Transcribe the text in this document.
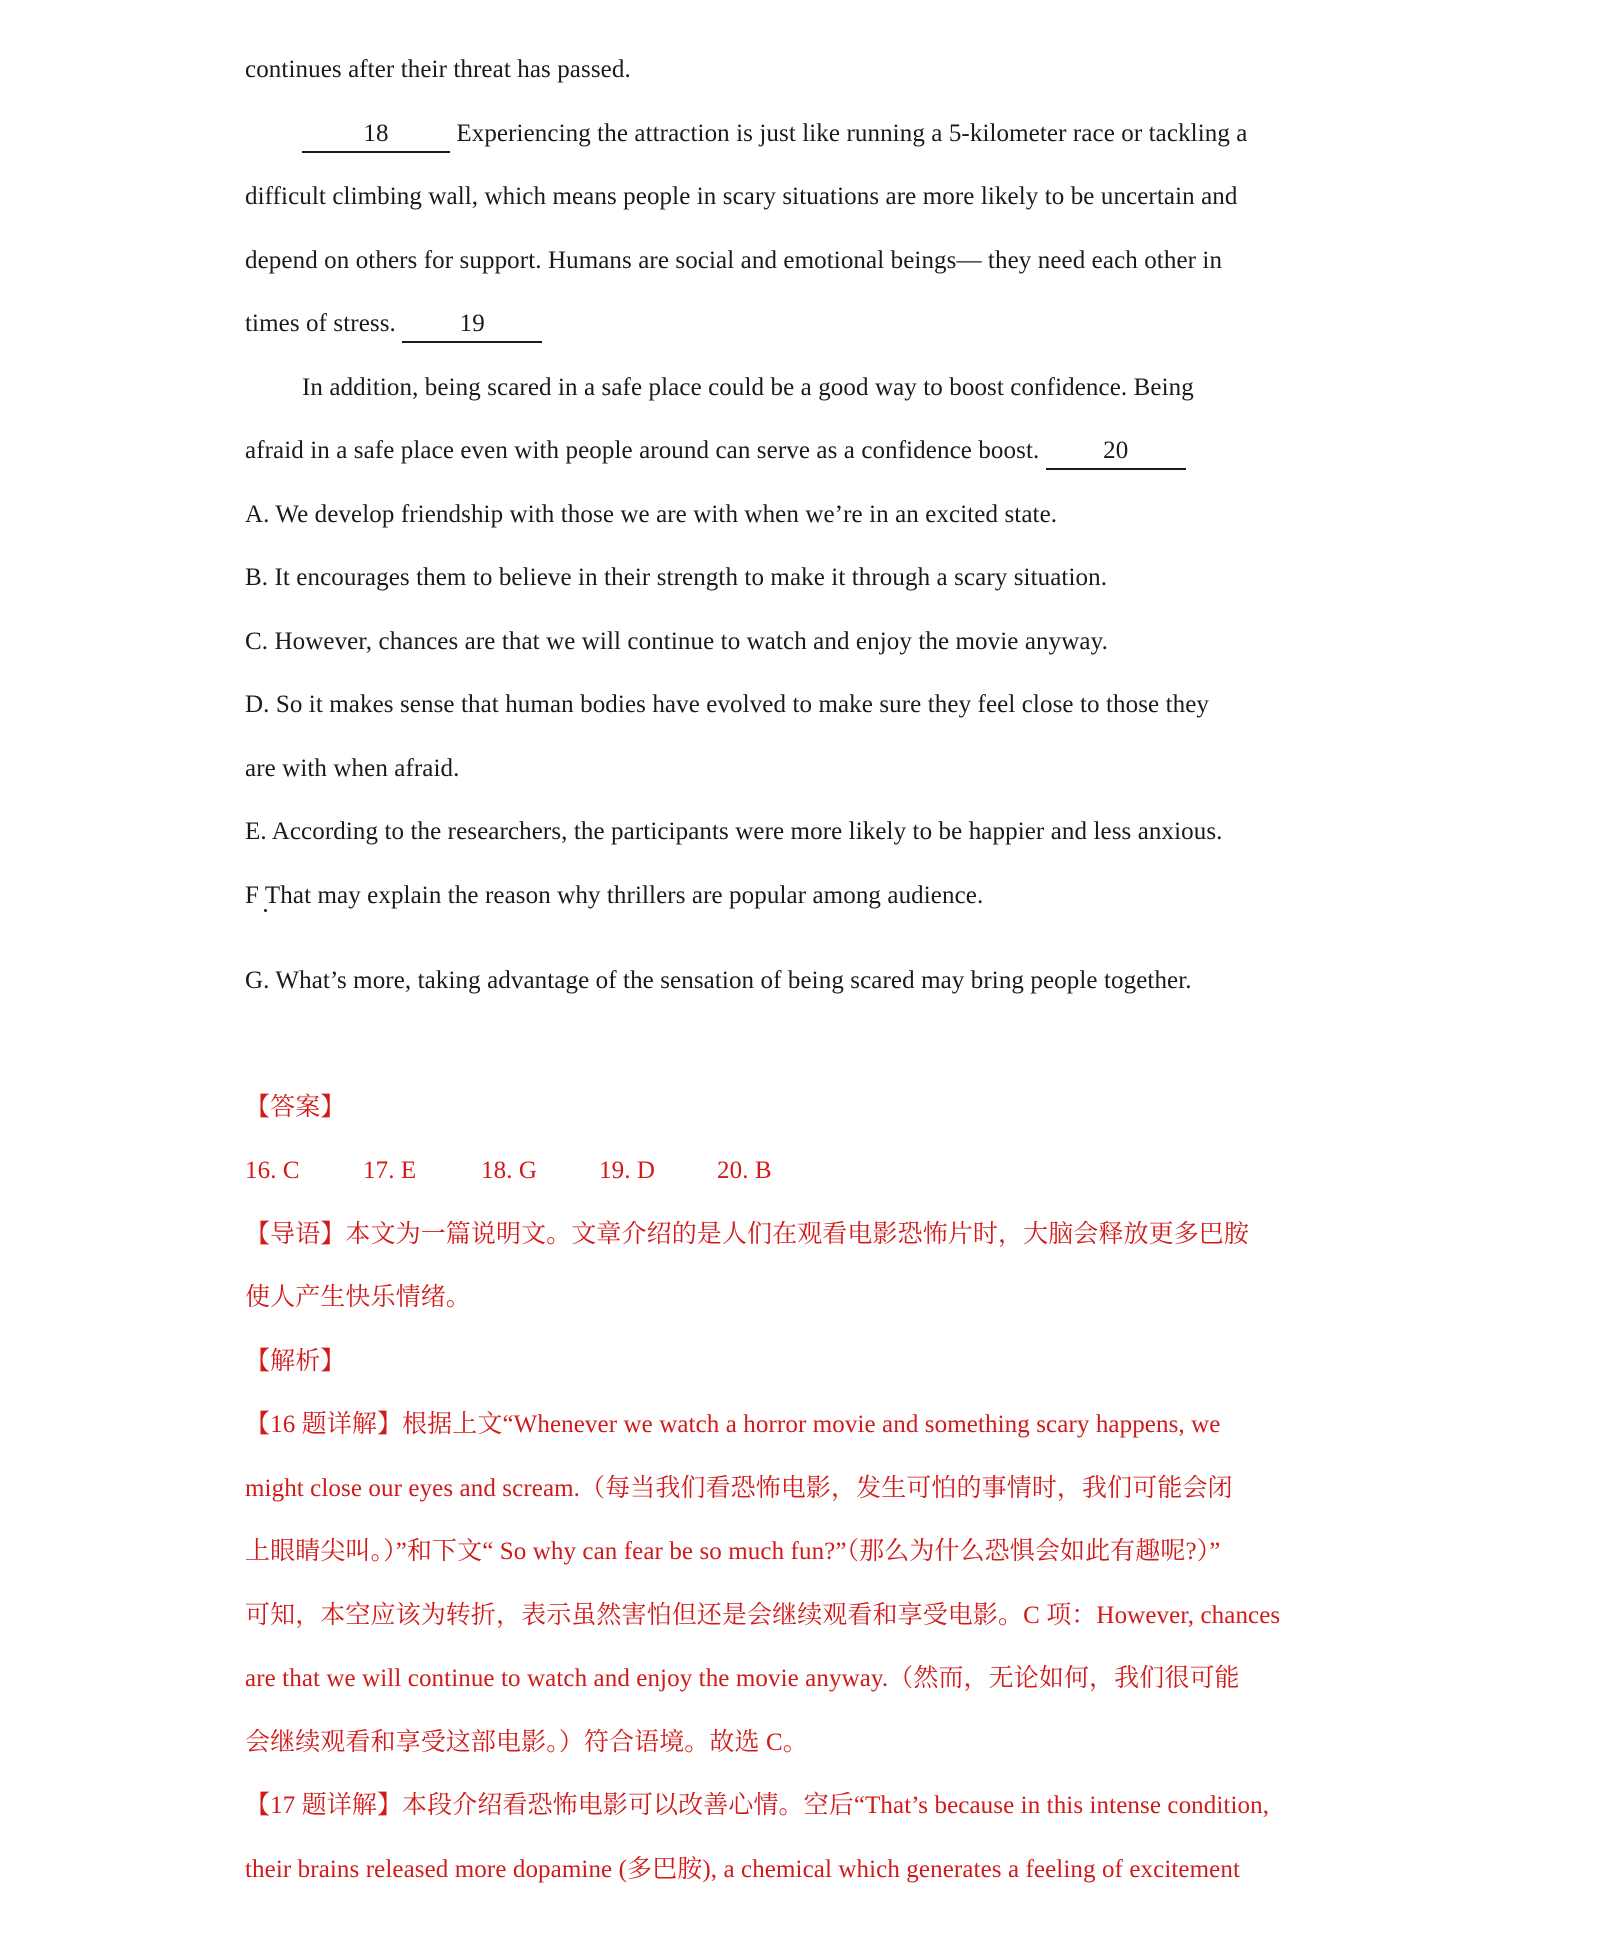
continues after their threat has passed.
18 Experiencing the attraction is just like running a 5-kilometer race or tackling a
difficult climbing wall, which means people in scary situations are more likely to be uncertain and
depend on others for support. Humans are social and emotional beings— they need each other in
times of stress. 19
In addition, being scared in a safe place could be a good way to boost confidence. Being
afraid in a safe place even with people around can serve as a confidence boost. 20
A. We develop friendship with those we are with when we’re in an excited state.
B. It encourages them to believe in their strength to make it through a scary situation.
C. However, chances are that we will continue to watch and enjoy the movie anyway.
D. So it makes sense that human bodies have evolved to make sure they feel close to those they
are with when afraid.
E. According to the researchers, the participants were more likely to be happier and less anxious.
F That may explain the reason why thrillers are popular among audience.
G. What’s more, taking advantage of the sensation of being scared may bring people together.
【答案】
16. C	17. E	18. G 19. D 20. B
【导语】本文为一篇说明文。文章介绍的是人们在观看电影恐怖片时，大脑会释放更多巴胺
使人产生快乐情绪。
【解析】
【16 题详解】根据上文“Whenever we watch a horror movie and something scary happens, we
might close our eyes and scream.（每当我们看恐怖电影，发生可怕的事情时，我们可能会闭
上眼睛尖叫。）”和下文“ So why can fear be so much fun?”（那么为什么恐惧会如此有趣呢?）”
可知，本空应该为转折，表示虽然害怕但还是会继续观看和享受电影。C 项：However, chances
are that we will continue to watch and enjoy the movie anyway.（然而，无论如何，我们很可能
会继续观看和享受这部电影。）符合语境。故选 C。
【17 题详解】本段介绍看恐怖电影可以改善心情。空后“That’s because in this intense condition,
their brains released more dopamine (多巴胺), a chemical which generates a feeling of excitement
